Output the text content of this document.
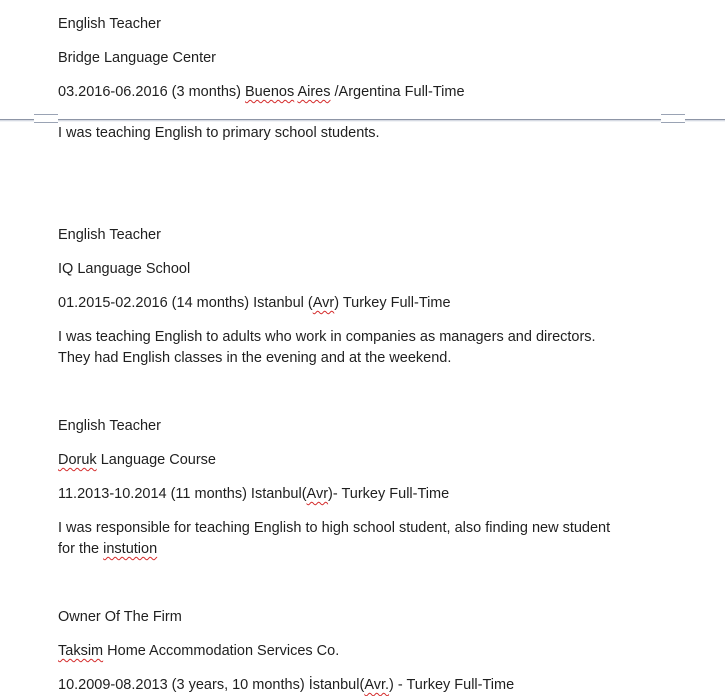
English Teacher
Bridge Language Center
03.2016-06.2016 (3 months) Buenos Aires /Argentina Full-Time
I was teaching English to primary school students.
English Teacher
IQ Language School
01.2015-02.2016 (14 months) Istanbul (Avr) Turkey Full-Time
I was teaching English to adults who work in companies as managers and directors.
They had English classes in the evening and at the weekend.
English Teacher
Doruk Language Course
11.2013-10.2014 (11 months) Istanbul(Avr)- Turkey Full-Time
I was responsible for teaching English to high school student, also finding new student
for the instution
Owner Of The Firm
Taksim Home Accommodation Services Co.
10.2009-08.2013 (3 years, 10 months) İstanbul(Avr.) - Turkey Full-Time
